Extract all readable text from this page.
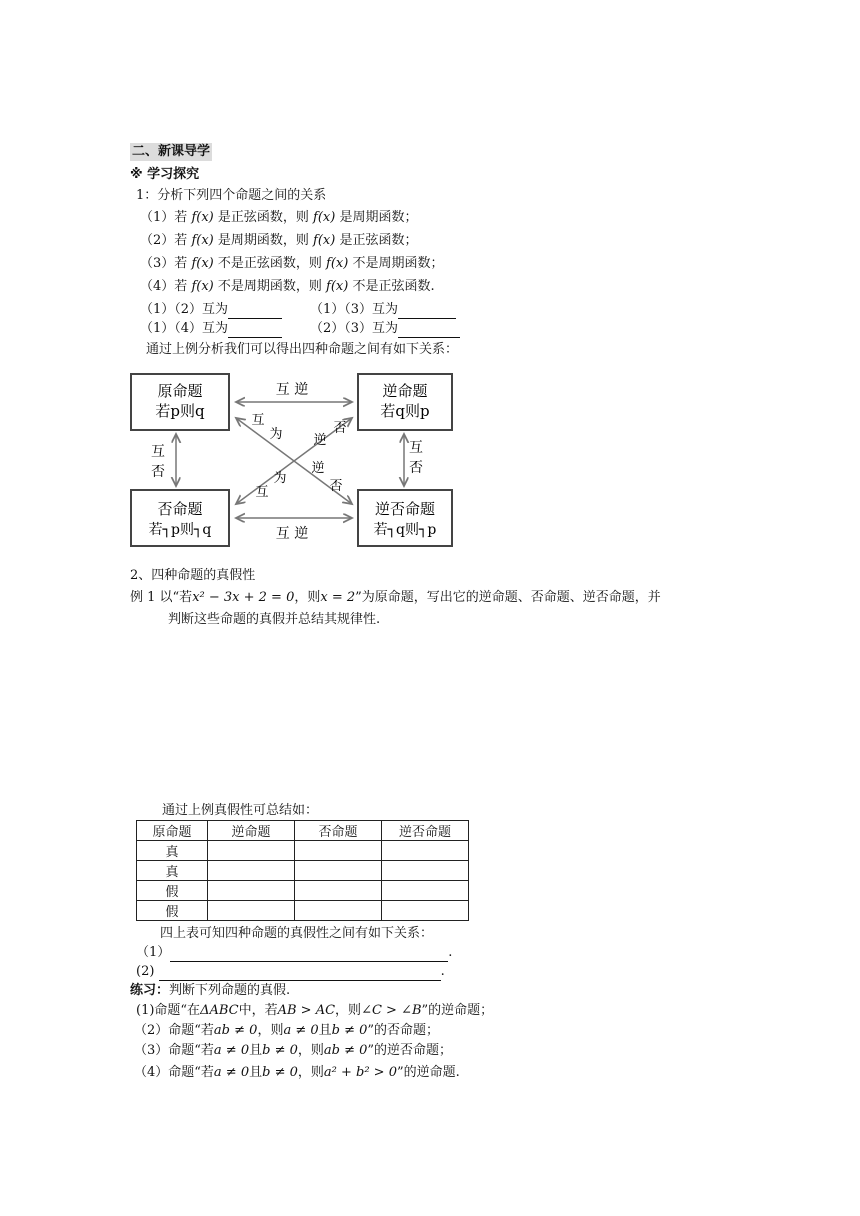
二、新课导学
※ 学习探究
1：分析下列四个命题之间的关系
（1）若 f(x) 是正弦函数，则 f(x) 是周期函数；
（2）若 f(x) 是周期函数，则 f(x) 是正弦函数；
（3）若 f(x) 不是正弦函数，则 f(x) 不是周期函数；
（4）若 f(x) 不是周期函数，则 f(x) 不是正弦函数.
（1）（2）互为	（1）（3）互为
（1）（4）互为	（2）（3）互为
通过上例分析我们可以得出四种命题之间有如下关系：
原命题
若p则q
逆命题
若q则p
否命题
若┐p则┐q
逆否命题
若┐q则┐p
互 逆
互 逆
互
否
互
否
互
为 逆
否
为
互
逆
否
2、四种命题的真假性
例 1 以“若x² − 3x + 2 = 0，则x = 2”为原命题，写出它的逆命题、否命题、逆否命题，并
判断这些命题的真假并总结其规律性.
通过上例真假性可总结如：
原命题	逆命题	否命题	逆否命题
真			
真			
假			
假			
四上表可知四种命题的真假性之间有如下关系：
（1）	.
(2)	.
练习：判断下列命题的真假.
(1)命题“在ΔABC中，若AB > AC，则∠C > ∠B”的逆命题；
（2）命题“若ab ≠ 0，则a ≠ 0且b ≠ 0”的否命题；
（3）命题“若a ≠ 0且b ≠ 0，则ab ≠ 0”的逆否命题；
（4）命题“若a ≠ 0且b ≠ 0，则a² + b² > 0”的逆命题.
